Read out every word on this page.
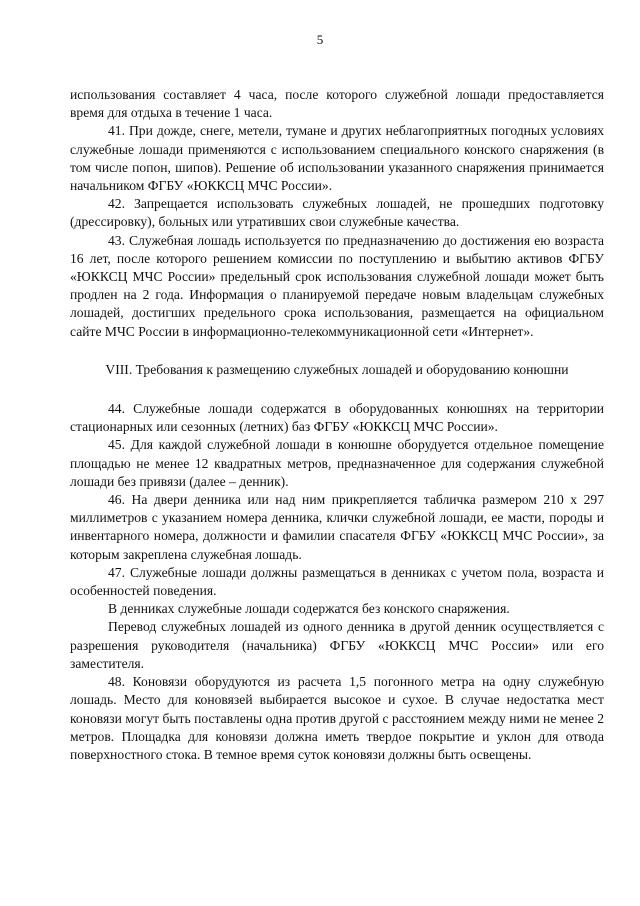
5

использования составляет 4 часа, после которого служебной лошади предоставляется время для отдыха в течение 1 часа.

41. При дожде, снеге, метели, тумане и других неблагоприятных погодных условиях служебные лошади применяются с использованием специального конского снаряжения (в том числе попон, шипов). Решение об использовании указанного снаряжения принимается начальником ФГБУ «ЮККСЦ МЧС России».

42. Запрещается использовать служебных лошадей, не прошедших подготовку (дрессировку), больных или утративших свои служебные качества.

43. Служебная лошадь используется по предназначению до достижения ею возраста 16 лет, после которого решением комиссии по поступлению и выбытию активов ФГБУ «ЮККСЦ МЧС России» предельный срок использования служебной лошади может быть продлен на 2 года. Информация о планируемой передаче новым владельцам служебных лошадей, достигших предельного срока использования, размещается на официальном сайте МЧС России в информационно-телекоммуникационной сети «Интернет».

VIII. Требования к размещению служебных лошадей и оборудованию конюшни

44. Служебные лошади содержатся в оборудованных конюшнях на территории стационарных или сезонных (летних) баз ФГБУ «ЮККСЦ МЧС России».

45. Для каждой служебной лошади в конюшне оборудуется отдельное помещение площадью не менее 12 квадратных метров, предназначенное для содержания служебной лошади без привязи (далее – денник).

46. На двери денника или над ним прикрепляется табличка размером 210 x 297 миллиметров с указанием номера денника, клички служебной лошади, ее масти, породы и инвентарного номера, должности и фамилии спасателя ФГБУ «ЮККСЦ МЧС России», за которым закреплена служебная лошадь.

47. Служебные лошади должны размещаться в денниках с учетом пола, возраста и особенностей поведения.

В денниках служебные лошади содержатся без конского снаряжения.

Перевод служебных лошадей из одного денника в другой денник осуществляется с разрешения руководителя (начальника) ФГБУ «ЮККСЦ МЧС России» или его заместителя.

48. Коновязи оборудуются из расчета 1,5 погонного метра на одну служебную лошадь. Место для коновязей выбирается высокое и сухое. В случае недостатка мест коновязи могут быть поставлены одна против другой с расстоянием между ними не менее 2 метров. Площадка для коновязи должна иметь твердое покрытие и уклон для отвода поверхностного стока. В темное время суток коновязи должны быть освещены.
